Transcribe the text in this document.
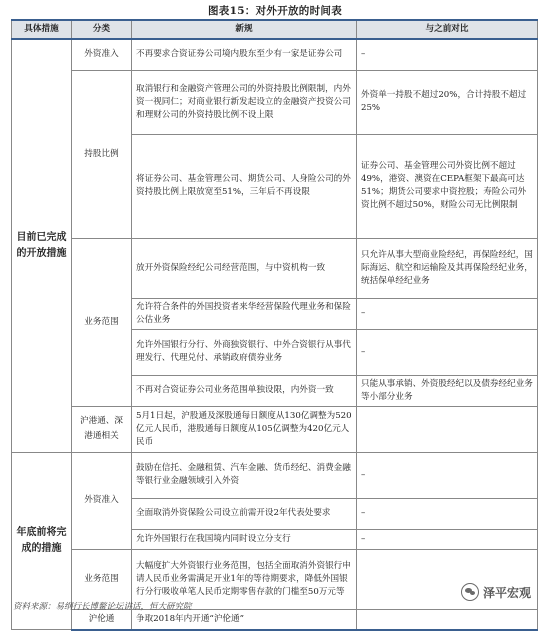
图表15：对外开放的时间表
具体措施	分类	新规	与之前对比
目前已完成的开放措施	外资准入	不再要求合资证券公司境内股东至少有一家是证券公司	–
	持股比例	取消银行和金融资产管理公司的外资持股比例限制，内外资一视同仁；对商业银行新发起设立的金融资产投资公司和理财公司的外资持股比例不设上限	外资单一持股不超过20%，合计持股不超过25%
		将证券公司、基金管理公司、期货公司、人身险公司的外资持股比例上限放宽至51%，三年后不再设限	证券公司、基金管理公司外资比例不超过49%，港资、澳资在CEPA框架下最高可达51%；期货公司要求中资控股；寿险公司外资比例不超过50%，财险公司无比例限制
	业务范围	放开外资保险经纪公司经营范围，与中资机构一致	只允许从事大型商业险经纪，再保险经纪，国际海运、航空和运输险及其再保险经纪业务，统括保单经纪业务
		允许符合条件的外国投资者来华经营保险代理业务和保险公估业务	–
		允许外国银行分行、外商独资银行、中外合资银行从事代理发行、代理兑付、承销政府债券业务	–
		不再对合资证券公司业务范围单独设限，内外资一致	只能从事承销、外资股经纪以及债券经纪业务等小部分业务
	沪港通、深港通相关	5月1日起，沪股通及深股通每日额度从130亿调整为520亿元人民币，港股通每日额度从105亿调整为420亿元人民币	
年底前将完成的措施	外资准入	鼓励在信托、金融租赁、汽车金融、货币经纪、消费金融等银行业金融领域引入外资	–
		全面取消外资保险公司设立前需开设2年代表处要求	–
		允许外国银行在我国境内同时设立分支行	–
	业务范围	大幅度扩大外资银行业务范围，包括全面取消外资银行申请人民币业务需满足开业1年的等待期要求，降低外国银行分行吸收单笔人民币定期零售存款的门槛至50万元等	
	沪伦通	争取2018年内开通“沪伦通”	
泽平宏观
资料来源：易纲行长博鳌论坛讲话，恒大研究院
